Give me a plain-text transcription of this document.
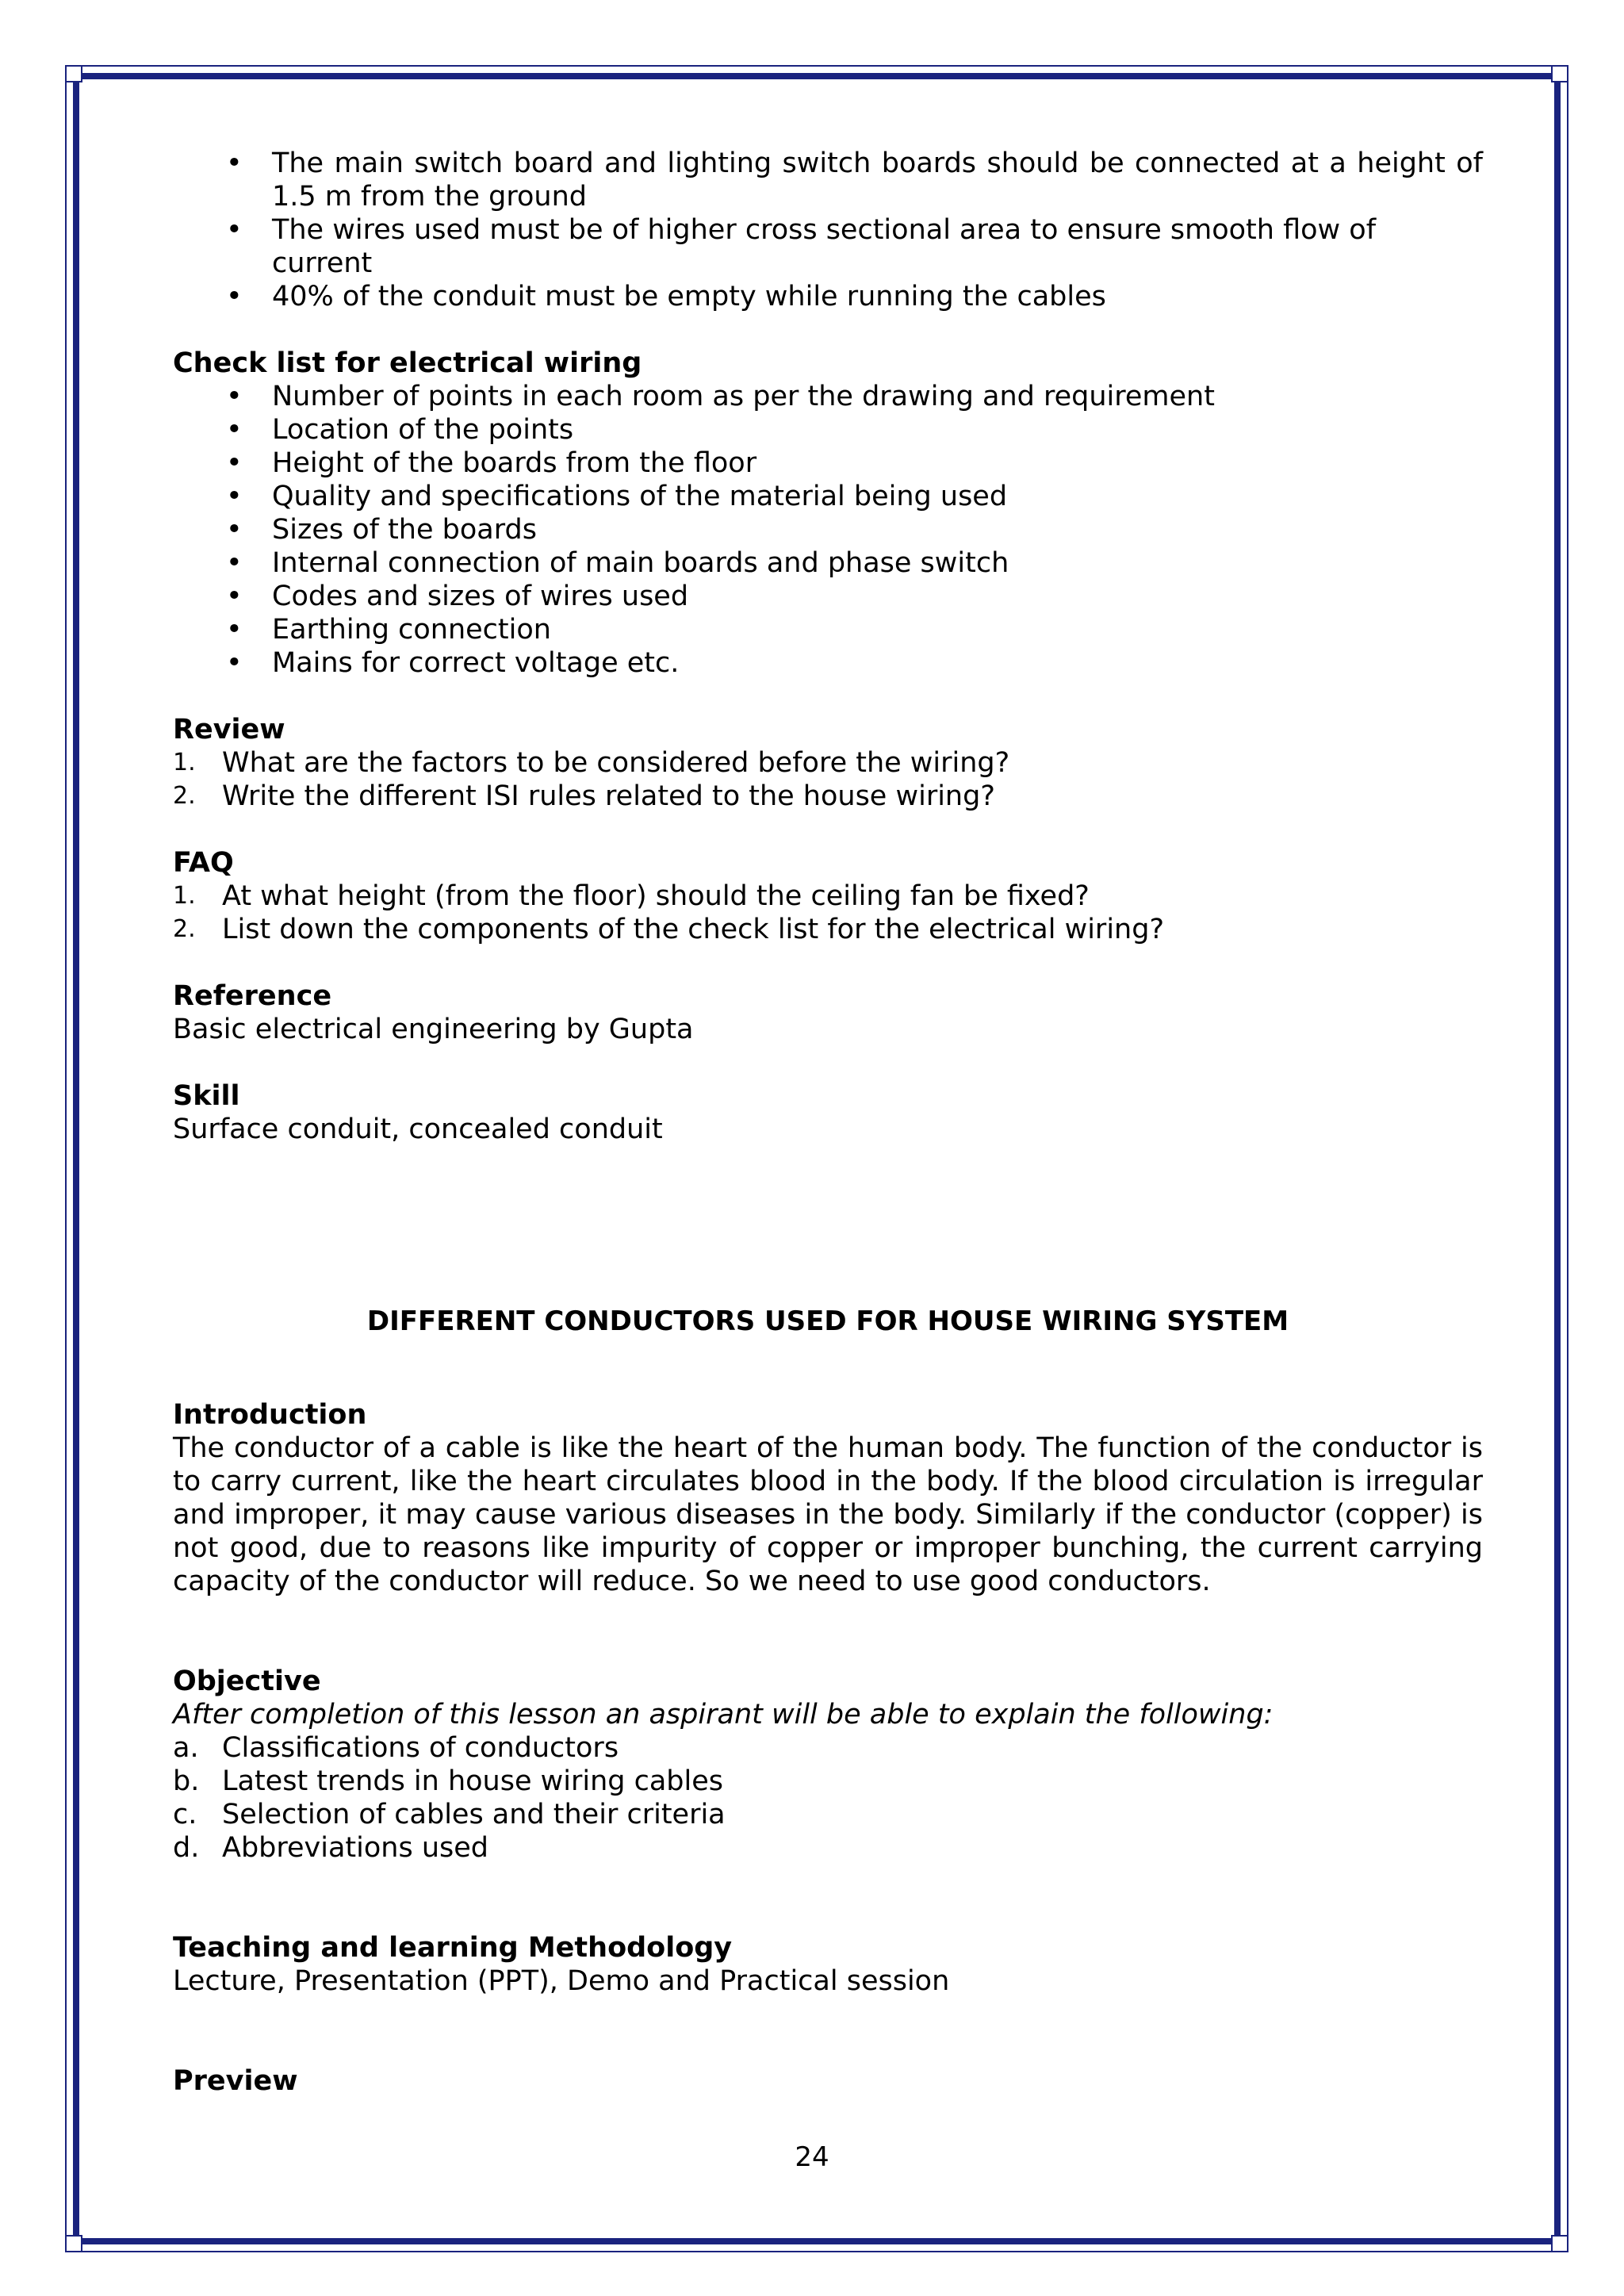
• The main switch board and lighting switch boards should be connected at a height of 1.5 m from the ground
• The wires used must be of higher cross sectional area to ensure smooth flow of current
• 40% of the conduit must be empty while running the cables

Check list for electrical wiring

• Number of points in each room as per the drawing and requirement
• Location of the points
• Height of the boards from the floor
• Quality and specifications of the material being used
• Sizes of the boards
• Internal connection of main boards and phase switch
• Codes and sizes of wires used
• Earthing connection
• Mains for correct voltage etc.

Review

1. What are the factors to be considered before the wiring?
2. Write the different ISI rules related to the house wiring?

FAQ

1. At what height (from the floor) should the ceiling fan be fixed?
2. List down the components of the check list for the electrical wiring?

Reference

Basic electrical engineering by Gupta

Skill

Surface conduit, concealed conduit

DIFFERENT CONDUCTORS USED FOR HOUSE WIRING SYSTEM

Introduction

The conductor of a cable is like the heart of the human body. The function of the conductor is to carry current, like the heart circulates blood in the body. If the blood circulation is irregular and improper, it may cause various diseases in the body. Similarly if the conductor (copper) is not good, due to reasons like impurity of copper or improper bunching, the current carrying capacity of the conductor will reduce. So we need to use good conductors.

Objective

After completion of this lesson an aspirant will be able to explain the following:

a. Classifications of conductors
b. Latest trends in house wiring cables
c. Selection of cables and their criteria
d. Abbreviations used

Teaching and learning Methodology

Lecture, Presentation (PPT), Demo and Practical session

Preview

24
